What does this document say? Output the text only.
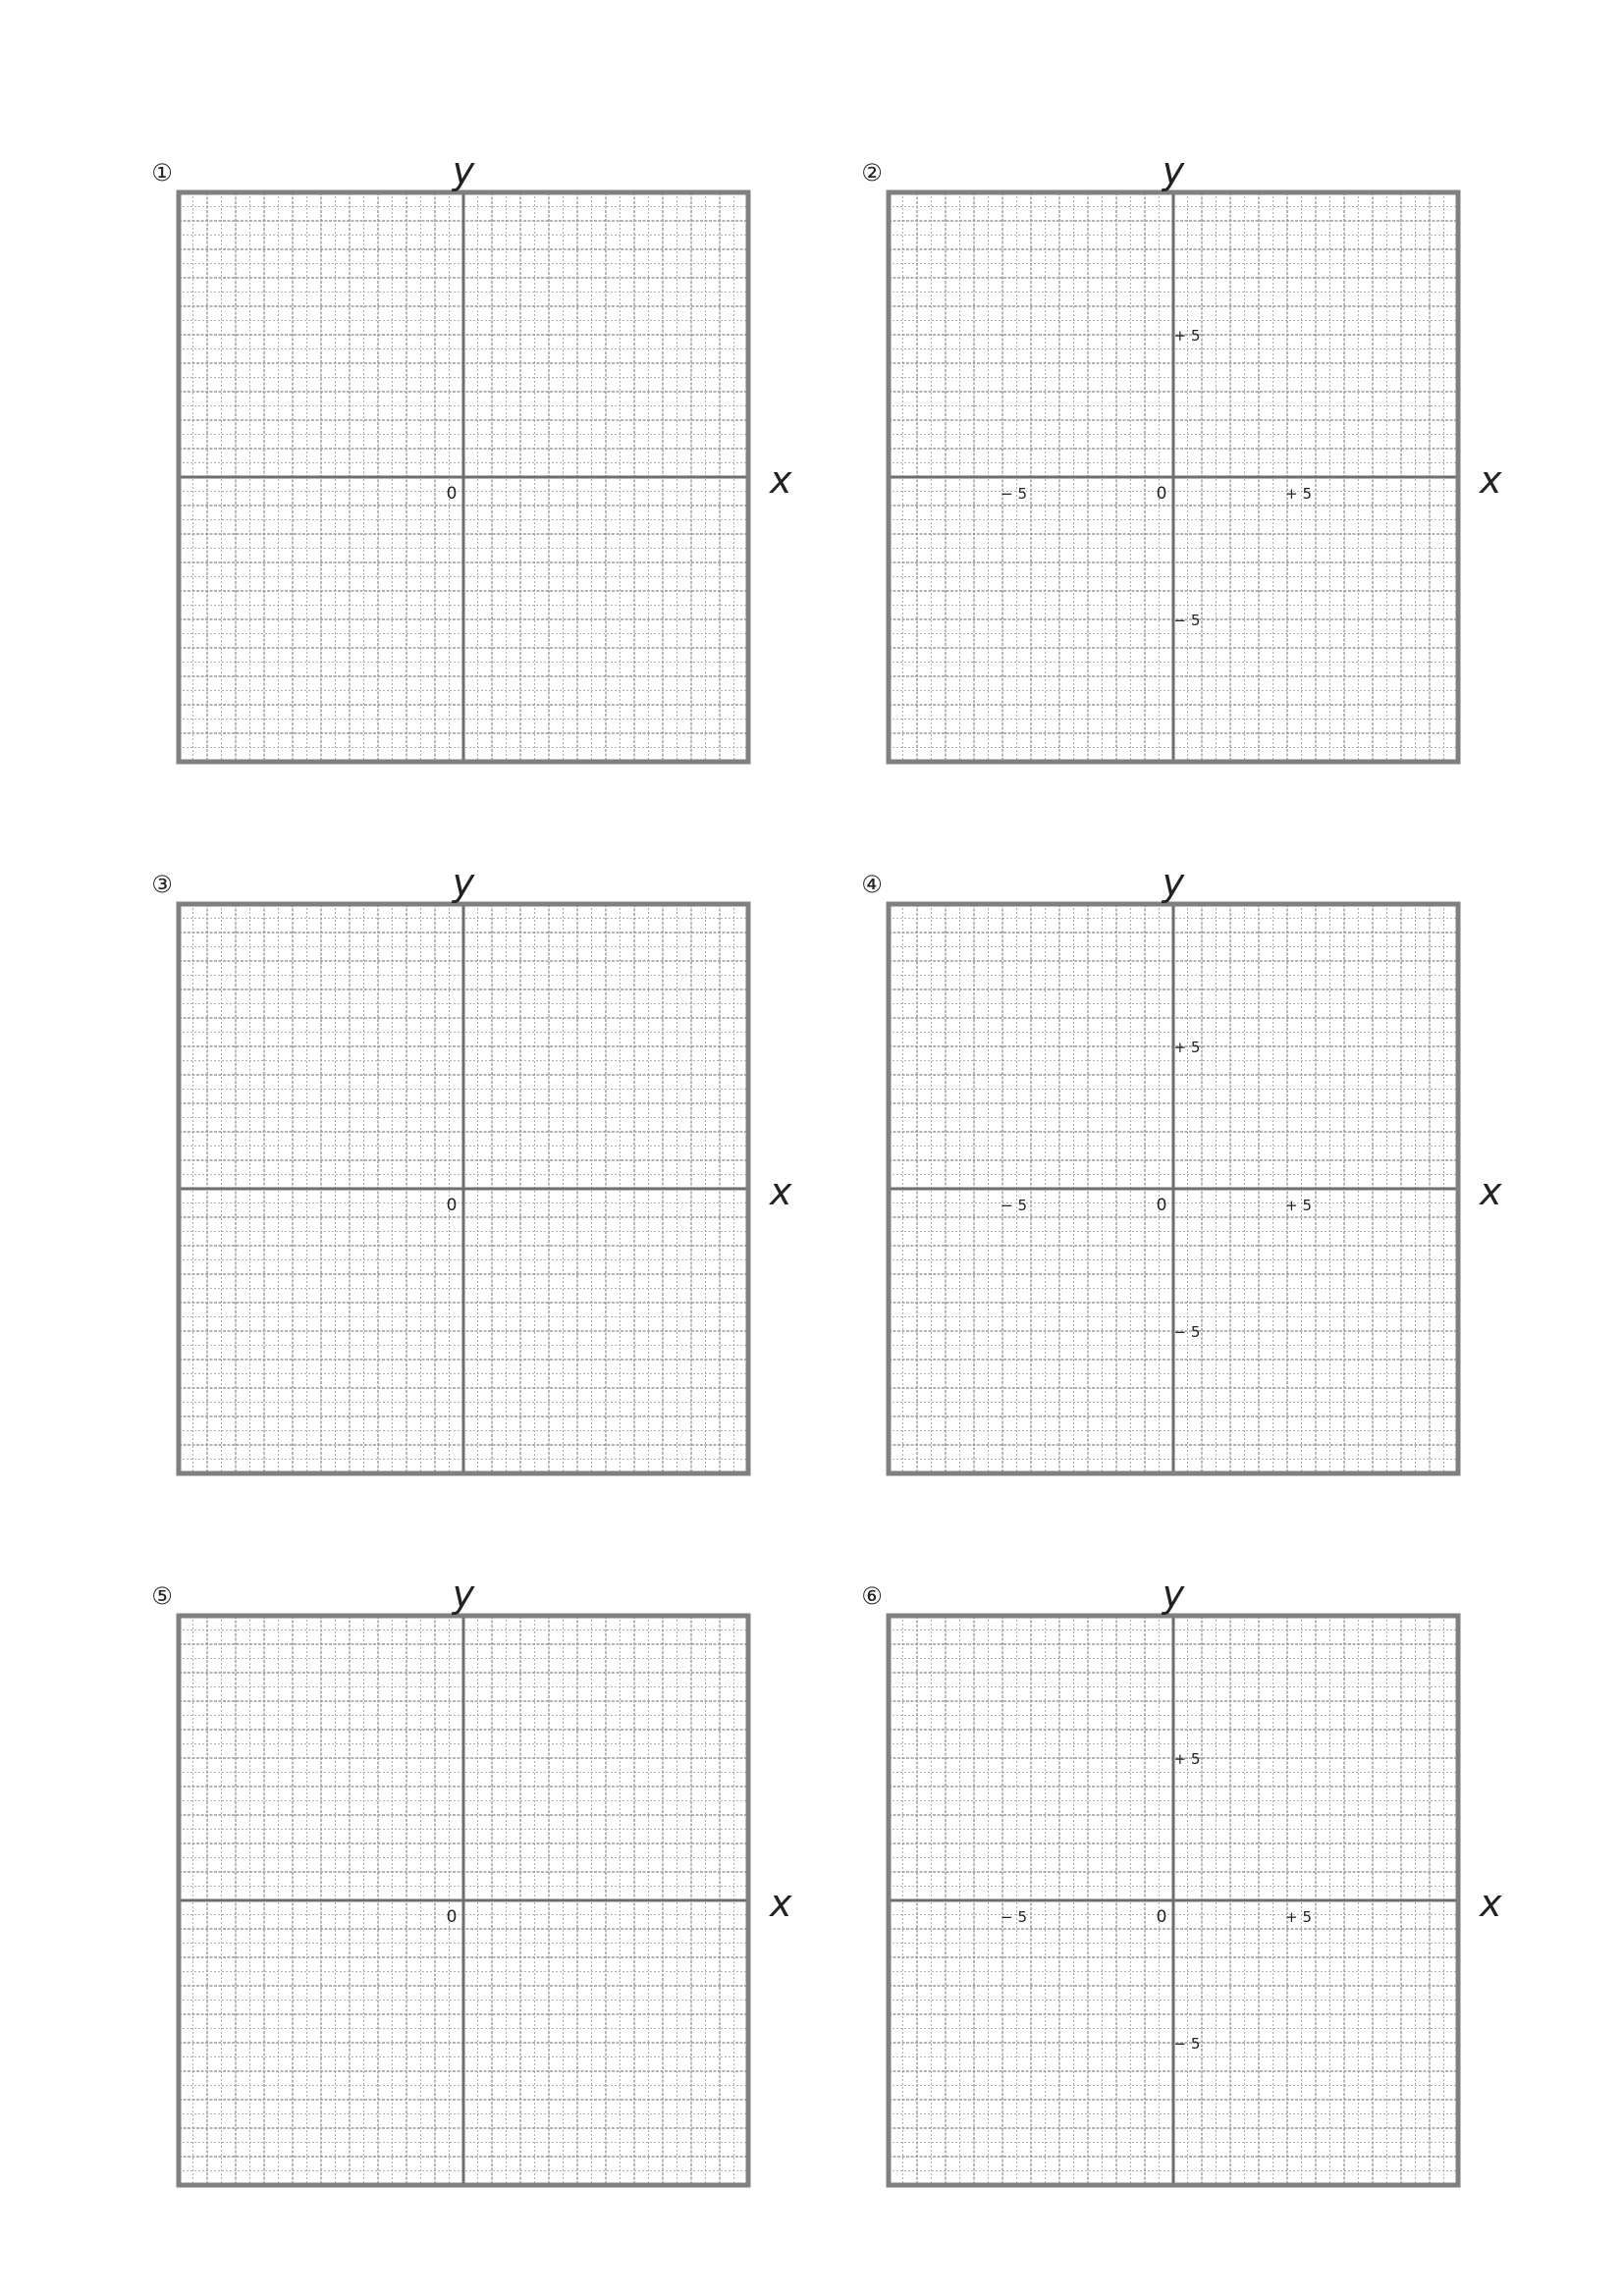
①	y
x
0
②	y
x
0
+ 5
− 5
− 5	+ 5
③	y
x
0
④	y
x
0
+ 5
− 5
− 5	+ 5
⑤	y
x
0
⑥	y
x
0
+ 5
− 5
− 5	+ 5
